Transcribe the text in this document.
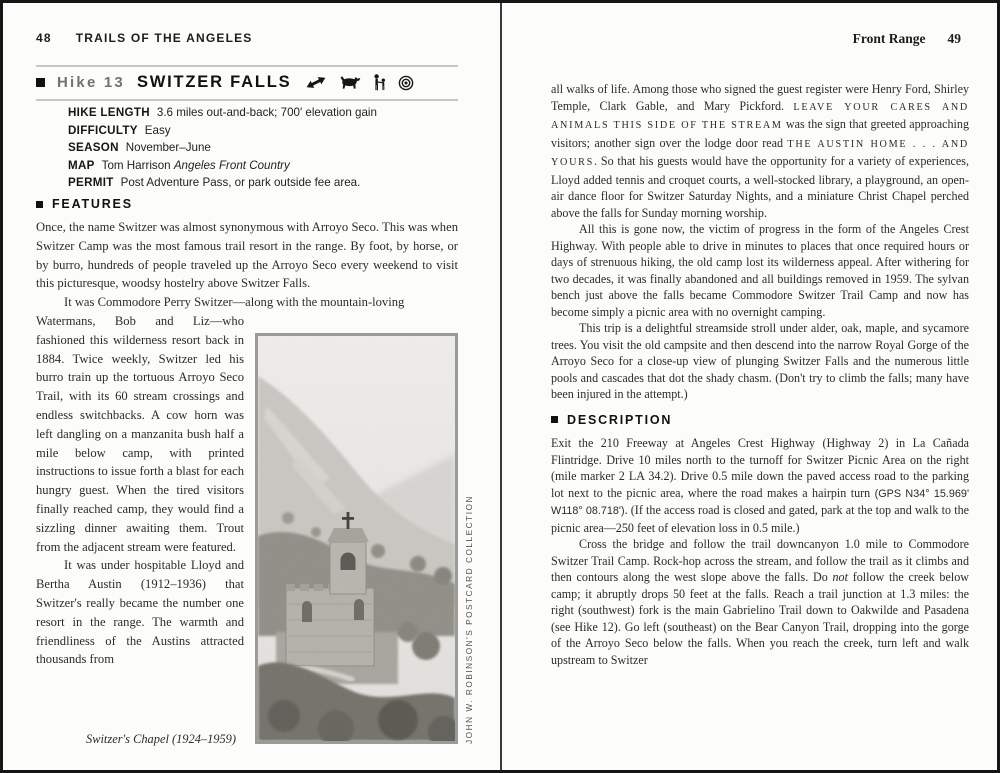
48 TRAILS OF THE ANGELES
Hike 13 SWITZER FALLS
HIKE LENGTH 3.6 miles out-and-back; 700' elevation gain
DIFFICULTY Easy
SEASON November–June
MAP Tom Harrison Angeles Front Country
PERMIT Post Adventure Pass, or park outside fee area.
FEATURES

Once, the name Switzer was almost synonymous with Arroyo Seco. This was when Switzer Camp was the most famous trail resort in the range. By foot, by horse, or by burro, hundreds of people traveled up the Arroyo Seco every weekend to visit this picturesque, woodsy hostelry above Switzer Falls.

It was Commodore Perry Switzer—along with the mountain-loving

Watermans, Bob and Liz—who fashioned this wilderness resort back in 1884. Twice weekly, Switzer led his burro train up the tortuous Arroyo Seco Trail, with its 60 stream crossings and endless switchbacks. A cow horn was left dangling on a manzanita bush half a mile below camp, with printed instructions to issue forth a blast for each hungry guest. When the tired visitors finally reached camp, they would find a sizzling dinner awaiting them. Trout from the adjacent stream were featured.

It was under hospitable Lloyd and Bertha Austin (1912–1936) that Switzer's really became the number one resort in the range. The warmth and friendliness of the Austins attracted thousands from	JOHN W. ROBINSON'S POSTCARD COLLECTION
Switzer's Chapel (1924–1959)
Front Range 49

all walks of life. Among those who signed the guest register were Henry Ford, Shirley Temple, Clark Gable, and Mary Pickford. LEAVE YOUR CARES AND ANIMALS THIS SIDE OF THE STREAM was the sign that greeted approaching visitors; another sign over the lodge door read THE AUSTIN HOME . . . AND YOURS. So that his guests would have the opportunity for a variety of experiences, Lloyd added tennis and croquet courts, a well-stocked library, a playground, an open-air dance floor for Switzer Saturday Nights, and a miniature Christ Chapel perched above the falls for Sunday morning worship.

All this is gone now, the victim of progress in the form of the Angeles Crest Highway. With people able to drive in minutes to places that once required hours or days of strenuous hiking, the old camp lost its wilderness appeal. After withering for two decades, it was finally abandoned and all buildings removed in 1959. The sylvan bench just above the falls became Commodore Switzer Trail Camp and now has become simply a picnic area with no overnight camping.

This trip is a delightful streamside stroll under alder, oak, maple, and sycamore trees. You visit the old campsite and then descend into the narrow Royal Gorge of the Arroyo Seco for a close-up view of plunging Switzer Falls and the numerous little pools and cascades that dot the shady chasm. (Don't try to climb the falls; many have been injured in the attempt.)

DESCRIPTION

Exit the 210 Freeway at Angeles Crest Highway (Highway 2) in La Cañada Flintridge. Drive 10 miles north to the turnoff for Switzer Picnic Area on the right (mile marker 2 LA 34.2). Drive 0.5 mile down the paved access road to the parking lot next to the picnic area, where the road makes a hairpin turn (GPS N34° 15.969' W118° 08.718'). (If the access road is closed and gated, park at the top and walk to the picnic area—250 feet of elevation loss in 0.5 mile.)

Cross the bridge and follow the trail downcanyon 1.0 mile to Commodore Switzer Trail Camp. Rock-hop across the stream, and follow the trail as it climbs and then contours along the west slope above the falls. Do not follow the creek below camp; it abruptly drops 50 feet at the falls. Reach a trail junction at 1.3 miles: the right (southwest) fork is the main Gabrielino Trail down to Oakwilde and Pasadena (see Hike 12). Go left (southeast) on the Bear Canyon Trail, dropping into the gorge of the Arroyo Seco below the falls. When you reach the creek, turn left and walk upstream to Switzer
